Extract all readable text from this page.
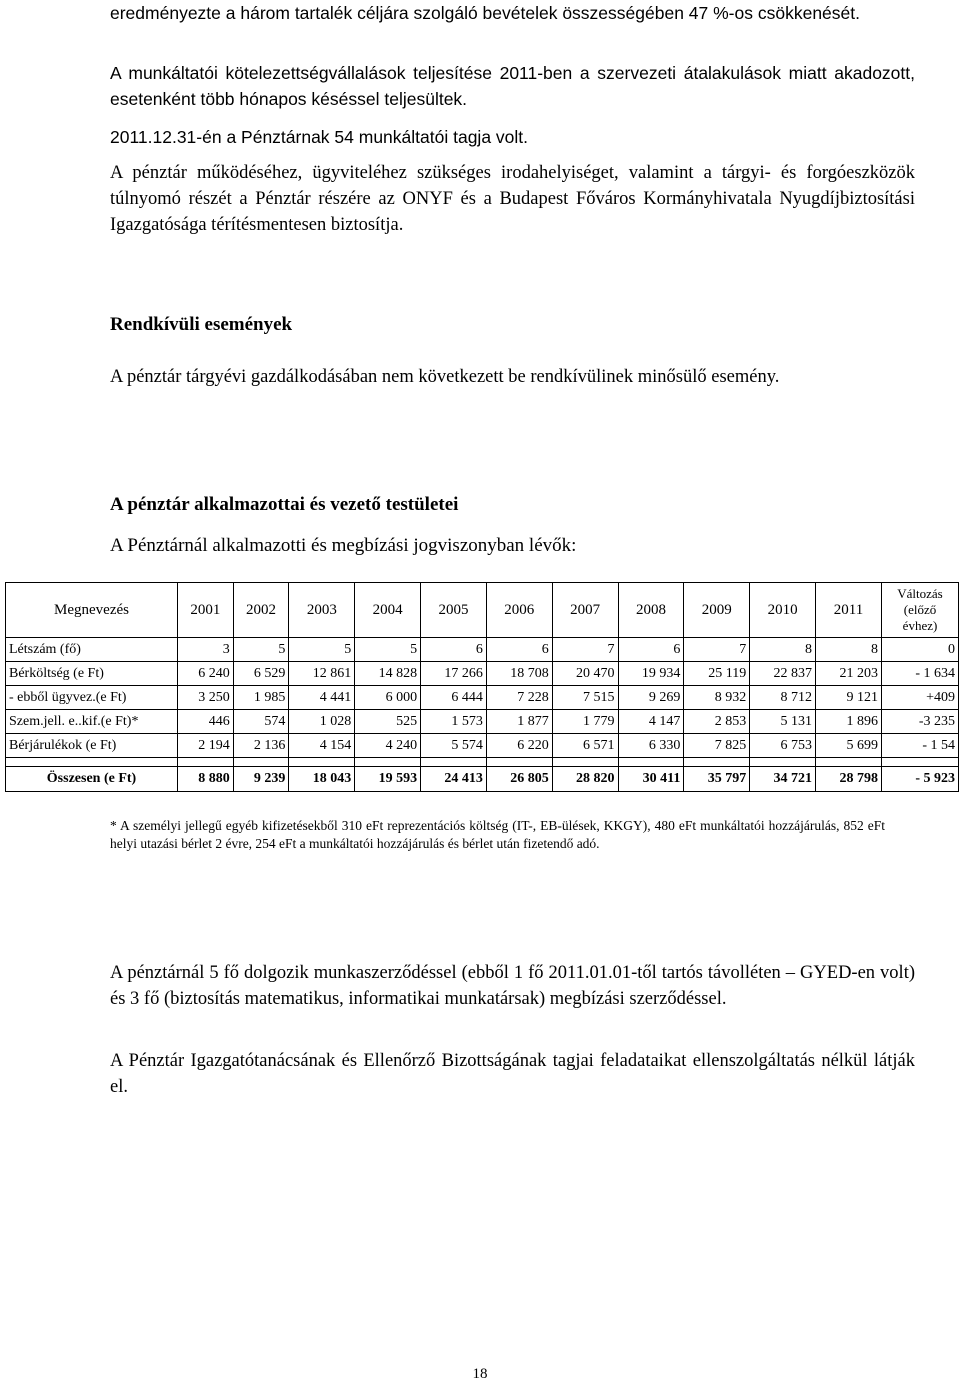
eredményezte a három tartalék céljára szolgáló bevételek összességében 47 %-os csökkenését.

A munkáltatói kötelezettségvállalások teljesítése 2011-ben a szervezeti átalakulások miatt akadozott, esetenként több hónapos késéssel teljesültek.

2011.12.31-én a Pénztárnak 54 munkáltatói tagja volt.

A pénztár működéséhez, ügyviteléhez szükséges irodahelyiséget, valamint a tárgyi- és forgóeszközök túlnyomó részét a Pénztár részére az ONYF és a Budapest Főváros Kormányhivatala Nyugdíjbiztosítási Igazgatósága térítésmentesen biztosítja.

Rendkívüli események

A pénztár tárgyévi gazdálkodásában nem következett be rendkívülinek minősülő esemény.

A pénztár alkalmazottai és vezető testületei

A Pénztárnál alkalmazotti és megbízási jogviszonyban lévők:

Megnevezés	2001	2002	2003	2004	2005	2006	2007	2008	2009	2010	2011	Változás (előző évhez)
Létszám (fő)	3	5	5	5	6	6	7	6	7	8	8	0
Bérköltség (e Ft)	6 240	6 529	12 861	14 828	17 266	18 708	20 470	19 934	25 119	22 837	21 203	- 1 634
- ebből ügyvez.(e Ft)	3 250	1 985	4 441	6 000	6 444	7 228	7 515	9 269	8 932	8 712	9 121	+409
Szem.jell. e..kif.(e Ft)*	446	574	1 028	525	1 573	1 877	1 779	4 147	2 853	5 131	1 896	-3 235
Bérjárulékok (e Ft)	2 194	2 136	4 154	4 240	5 574	6 220	6 571	6 330	7 825	6 753	5 699	- 1 54

Összesen (e Ft)	8 880	9 239	18 043	19 593	24 413	26 805	28 820	30 411	35 797	34 721	28 798	- 5 923

* A személyi jellegű egyéb kifizetésekből 310 eFt reprezentációs költség (IT-, EB-ülések, KKGY), 480 eFt munkáltatói hozzájárulás, 852 eFt helyi utazási bérlet 2 évre, 254 eFt a munkáltatói hozzájárulás és bérlet után fizetendő adó.

A pénztárnál 5 fő dolgozik munkaszerződéssel (ebből 1 fő 2011.01.01-től tartós távolléten – GYED-en volt) és 3 fő (biztosítás matematikus, informatikai munkatársak) megbízási szerződéssel.

A Pénztár Igazgatótanácsának és Ellenőrző Bizottságának tagjai feladataikat ellenszolgáltatás nélkül látják el.

18
